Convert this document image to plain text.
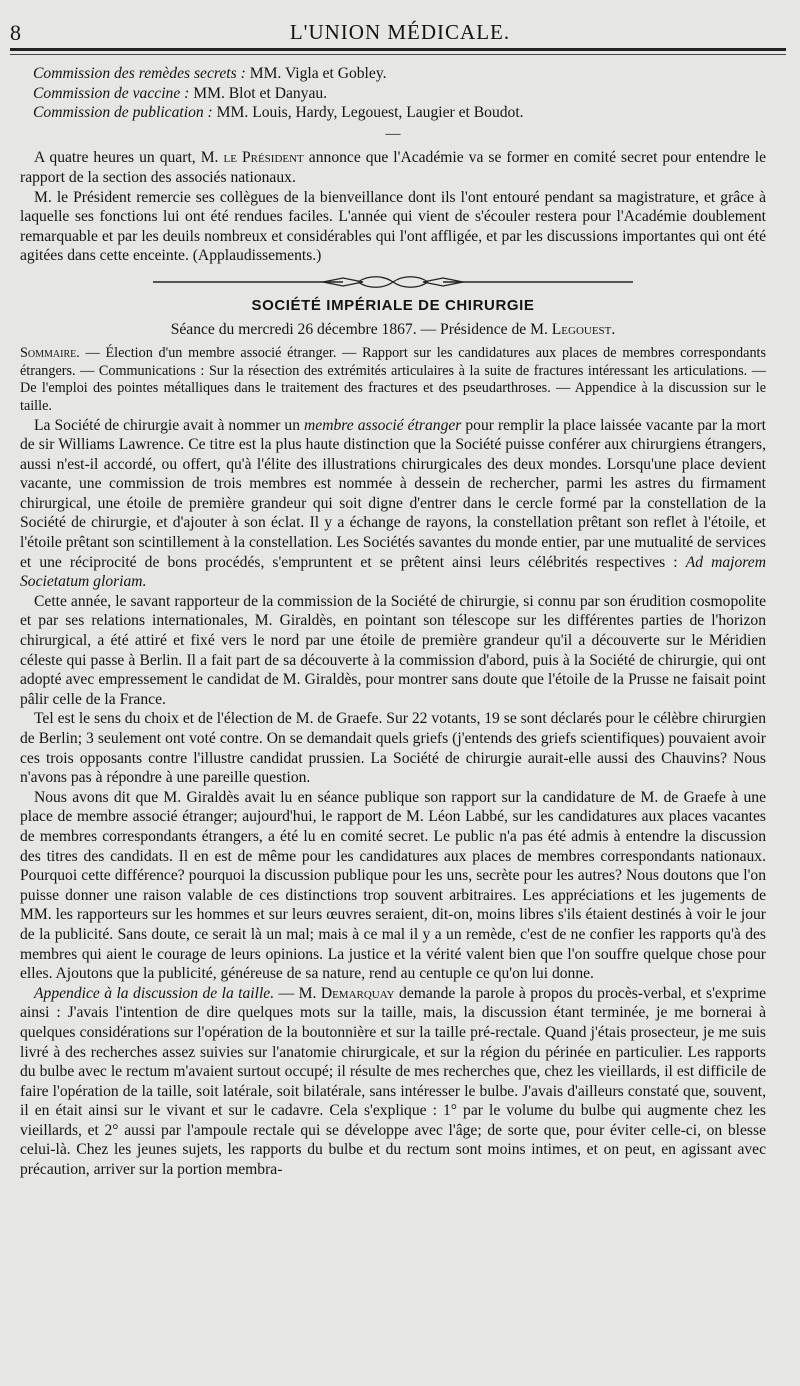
8	L'UNION MÉDICALE.

Commission des remèdes secrets : MM. Vigla et Gobley.

Commission de vaccine : MM. Blot et Danyau.

Commission de publication : MM. Louis, Hardy, Legouest, Laugier et Boudot.

—

A quatre heures un quart, M. le Président annonce que l'Académie va se former en comité secret pour entendre le rapport de la section des associés nationaux.

M. le Président remercie ses collègues de la bienveillance dont ils l'ont entouré pendant sa magistrature, et grâce à laquelle ses fonctions lui ont été rendues faciles. L'année qui vient de s'écouler restera pour l'Académie doublement remarquable et par les deuils nombreux et considérables qui l'ont affligée, et par les discussions importantes qui ont été agitées dans cette enceinte. (Applaudissements.)

SOCIÉTÉ IMPÉRIALE DE CHIRURGIE
Séance du mercredi 26 décembre 1867. — Présidence de M. Legouest.

Sommaire. — Élection d'un membre associé étranger. — Rapport sur les candidatures aux places de membres correspondants étrangers. — Communications : Sur la résection des extrémités articulaires à la suite de fractures intéressant les articulations. — De l'emploi des pointes métalliques dans le traitement des fractures et des pseudarthroses. — Appendice à la discussion sur le taille.

La Société de chirurgie avait à nommer un membre associé étranger pour remplir la place laissée vacante par la mort de sir Williams Lawrence. Ce titre est la plus haute distinction que la Société puisse conférer aux chirurgiens étrangers, aussi n'est-il accordé, ou offert, qu'à l'élite des illustrations chirurgicales des deux mondes. Lorsqu'une place devient vacante, une commission de trois membres est nommée à dessein de rechercher, parmi les astres du firmament chirurgical, une étoile de première grandeur qui soit digne d'entrer dans le cercle formé par la constellation de la Société de chirurgie, et d'ajouter à son éclat. Il y a échange de rayons, la constellation prêtant son reflet à l'étoile, et l'étoile prêtant son scintillement à la constellation. Les Sociétés savantes du monde entier, par une mutualité de services et une réciprocité de bons procédés, s'empruntent et se prêtent ainsi leurs célébrités respectives : Ad majorem Societatum gloriam.

Cette année, le savant rapporteur de la commission de la Société de chirurgie, si connu par son érudition cosmopolite et par ses relations internationales, M. Giraldès, en pointant son télescope sur les différentes parties de l'horizon chirurgical, a été attiré et fixé vers le nord par une étoile de première grandeur qu'il a découverte sur le Méridien céleste qui passe à Berlin. Il a fait part de sa découverte à la commission d'abord, puis à la Société de chirurgie, qui ont adopté avec empressement le candidat de M. Giraldès, pour montrer sans doute que l'étoile de la Prusse ne faisait point pâlir celle de la France.

Tel est le sens du choix et de l'élection de M. de Graefe. Sur 22 votants, 19 se sont déclarés pour le célèbre chirurgien de Berlin; 3 seulement ont voté contre. On se demandait quels griefs (j'entends des griefs scientifiques) pouvaient avoir ces trois opposants contre l'illustre candidat prussien. La Société de chirurgie aurait-elle aussi des Chauvins? Nous n'avons pas à répondre à une pareille question.

Nous avons dit que M. Giraldès avait lu en séance publique son rapport sur la candidature de M. de Graefe à une place de membre associé étranger; aujourd'hui, le rapport de M. Léon Labbé, sur les candidatures aux places vacantes de membres correspondants étrangers, a été lu en comité secret. Le public n'a pas été admis à entendre la discussion des titres des candidats. Il en est de même pour les candidatures aux places de membres correspondants nationaux. Pourquoi cette différence? pourquoi la discussion publique pour les uns, secrète pour les autres? Nous doutons que l'on puisse donner une raison valable de ces distinctions trop souvent arbitraires. Les appréciations et les jugements de MM. les rapporteurs sur les hommes et sur leurs œuvres seraient, dit-on, moins libres s'ils étaient destinés à voir le jour de la publicité. Sans doute, ce serait là un mal; mais à ce mal il y a un remède, c'est de ne confier les rapports qu'à des membres qui aient le courage de leurs opinions. La justice et la vérité valent bien que l'on souffre quelque chose pour elles. Ajoutons que la publicité, généreuse de sa nature, rend au centuple ce qu'on lui donne.

Appendice à la discussion de la taille. — M. Demarquay demande la parole à propos du procès-verbal, et s'exprime ainsi : J'avais l'intention de dire quelques mots sur la taille, mais, la discussion étant terminée, je me bornerai à quelques considérations sur l'opération de la boutonnière et sur la taille pré-rectale. Quand j'étais prosecteur, je me suis livré à des recherches assez suivies sur l'anatomie chirurgicale, et sur la région du périnée en particulier. Les rapports du bulbe avec le rectum m'avaient surtout occupé; il résulte de mes recherches que, chez les vieillards, il est difficile de faire l'opération de la taille, soit latérale, soit bilatérale, sans intéresser le bulbe. J'avais d'ailleurs constaté que, souvent, il en était ainsi sur le vivant et sur le cadavre. Cela s'explique : 1° par le volume du bulbe qui augmente chez les vieillards, et 2° aussi par l'ampoule rectale qui se développe avec l'âge; de sorte que, pour éviter celle-ci, on blesse celui-là. Chez les jeunes sujets, les rapports du bulbe et du rectum sont moins intimes, et on peut, en agissant avec précaution, arriver sur la portion membra-
